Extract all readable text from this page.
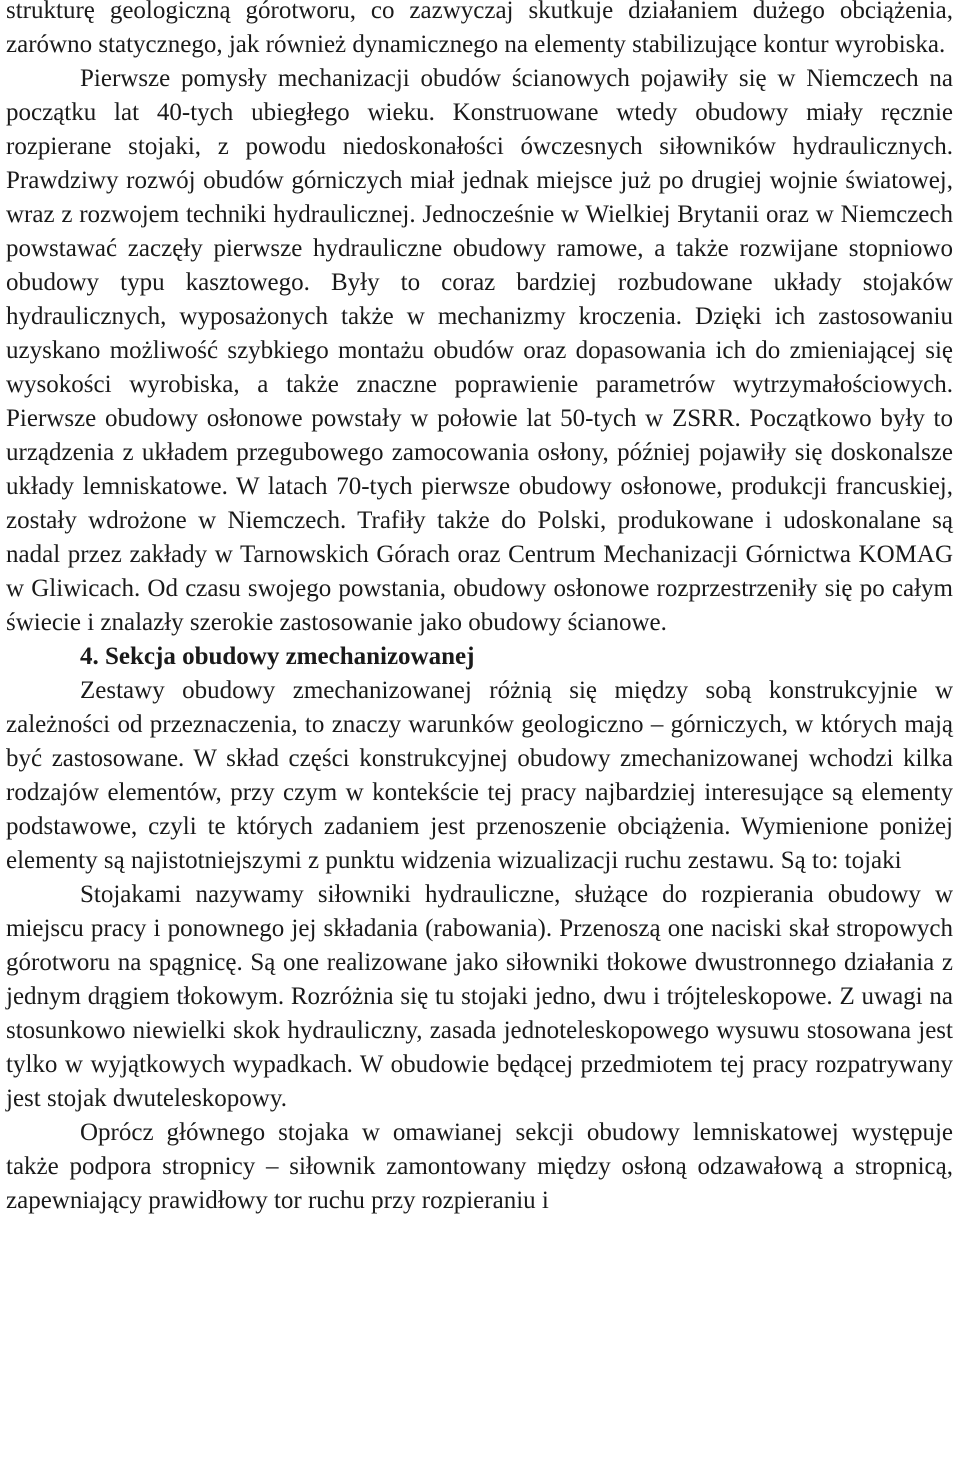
strukturę geologiczną górotworu, co zazwyczaj skutkuje działaniem dużego obciążenia, zarówno statycznego, jak również dynamicznego na elementy stabilizujące kontur wyrobiska.

Pierwsze pomysły mechanizacji obudów ścianowych pojawiły się w Niemczech na początku lat 40-tych ubiegłego wieku. Konstruowane wtedy obudowy miały ręcznie rozpierane stojaki, z powodu niedoskonałości ówczesnych siłowników hydraulicznych. Prawdziwy rozwój obudów górniczych miał jednak miejsce już po drugiej wojnie światowej, wraz z rozwojem techniki hydraulicznej. Jednocześnie w Wielkiej Brytanii oraz w Niemczech powstawać zaczęły pierwsze hydrauliczne obudowy ramowe, a także rozwijane stopniowo obudowy typu kasztowego. Były to coraz bardziej rozbudowane układy stojaków hydraulicznych, wyposażonych także w mechanizmy kroczenia. Dzięki ich zastosowaniu uzyskano możliwość szybkiego montażu obudów oraz dopasowania ich do zmieniającej się wysokości wyrobiska, a także znaczne poprawienie parametrów wytrzymałościowych. Pierwsze obudowy osłonowe powstały w połowie lat 50-tych w ZSRR. Początkowo były to urządzenia z układem przegubowego zamocowania osłony, później pojawiły się doskonalsze układy lemniskatowe. W latach 70-tych pierwsze obudowy osłonowe, produkcji francuskiej, zostały wdrożone w Niemczech. Trafiły także do Polski, produkowane i udoskonalane są nadal przez zakłady w Tarnowskich Górach oraz Centrum Mechanizacji Górnictwa KOMAG w Gliwicach. Od czasu swojego powstania, obudowy osłonowe rozprzestrzeniły się po całym świecie i znalazły szerokie zastosowanie jako obudowy ścianowe.

4. Sekcja obudowy zmechanizowanej

Zestawy obudowy zmechanizowanej różnią się między sobą konstrukcyjnie w zależności od przeznaczenia, to znaczy warunków geologiczno – górniczych, w których mają być zastosowane. W skład części konstrukcyjnej obudowy zmechanizowanej wchodzi kilka rodzajów elementów, przy czym w kontekście tej pracy najbardziej interesujące są elementy podstawowe, czyli te których zadaniem jest przenoszenie obciążenia. Wymienione poniżej elementy są najistotniejszymi z punktu widzenia wizualizacji ruchu zestawu. Są to: tojaki

Stojakami nazywamy siłowniki hydrauliczne, służące do rozpierania obudowy w miejscu pracy i ponownego jej składania (rabowania). Przenoszą one naciski skał stropowych górotworu na spągnicę. Są one realizowane jako siłowniki tłokowe dwustronnego działania z jednym drągiem tłokowym. Rozróżnia się tu stojaki jedno, dwu i trójteleskopowe. Z uwagi na stosunkowo niewielki skok hydrauliczny, zasada jednoteleskopowego wysuwu stosowana jest tylko w wyjątkowych wypadkach. W obudowie będącej przedmiotem tej pracy rozpatrywany jest stojak dwuteleskopowy.

Oprócz głównego stojaka w omawianej sekcji obudowy lemniskatowej występuje także podpora stropnicy – siłownik zamontowany między osłoną odzawałową a stropnicą, zapewniający prawidłowy tor ruchu przy rozpieraniu i
